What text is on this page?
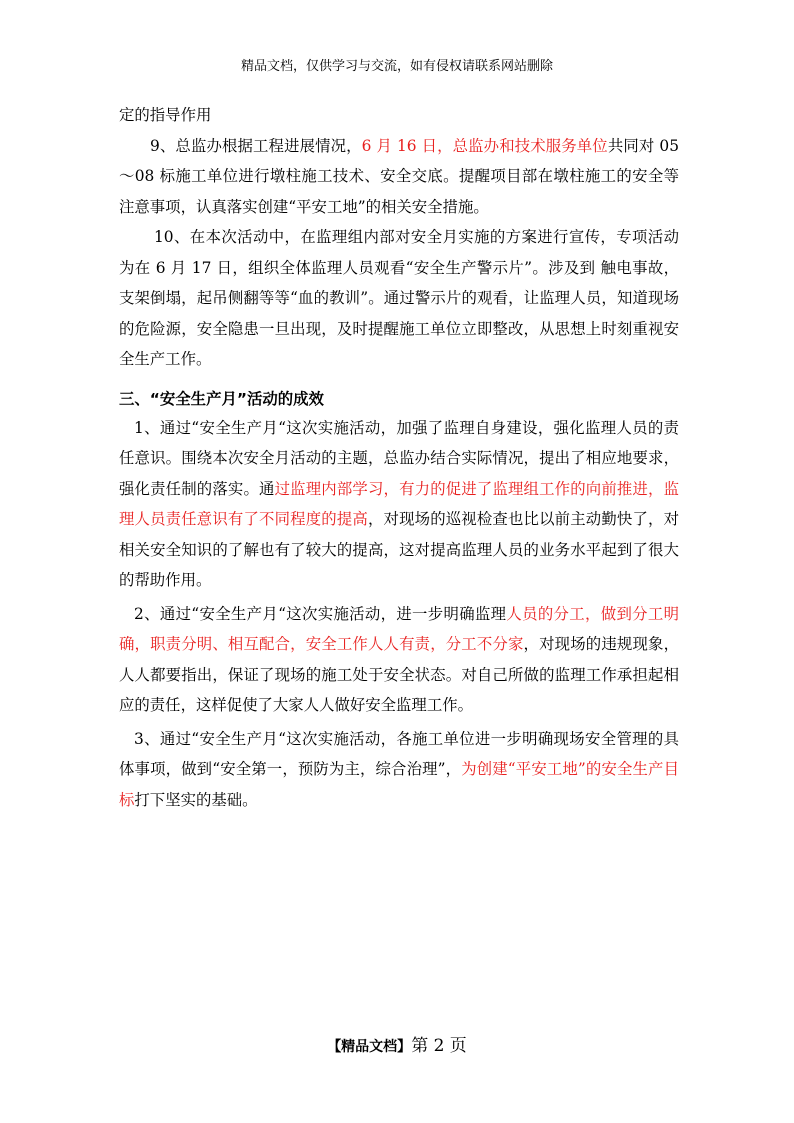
精品文档，仅供学习与交流，如有侵权请联系网站删除

定的指导作用

9、总监办根据工程进展情况，6 月 16 日，总监办和技术服务单位共同对 05～08 标施工单位进行墩柱施工技术、安全交底。提醒项目部在墩柱施工的安全等注意事项，认真落实创建“平安工地”的相关安全措施。

10、在本次活动中，在监理组内部对安全月实施的方案进行宣传，专项活动为在 6 月 17 日，组织全体监理人员观看“安全生产警示片”。涉及到 触电事故，支架倒塌，起吊侧翻等等“血的教训”。通过警示片的观看，让监理人员，知道现场的危险源，安全隐患一旦出现，及时提醒施工单位立即整改，从思想上时刻重视安全生产工作。

三、“安全生产月”活动的成效

1、通过“安全生产月“这次实施活动，加强了监理自身建设，强化监理人员的责任意识。围绕本次安全月活动的主题，总监办结合实际情况，提出了相应地要求，强化责任制的落实。通过监理内部学习，有力的促进了监理组工作的向前推进，监理人员责任意识有了不同程度的提高，对现场的巡视检查也比以前主动勤快了，对相关安全知识的了解也有了较大的提高，这对提高监理人员的业务水平起到了很大的帮助作用。

2、通过“安全生产月“这次实施活动，进一步明确监理人员的分工，做到分工明确，职责分明、相互配合，安全工作人人有责，分工不分家，对现场的违规现象，人人都要指出，保证了现场的施工处于安全状态。对自己所做的监理工作承担起相应的责任，这样促使了大家人人做好安全监理工作。

3、通过“安全生产月“这次实施活动，各施工单位进一步明确现场安全管理的具体事项，做到“安全第一，预防为主，综合治理”，为创建“平安工地”的安全生产目标打下坚实的基础。

【精品文档】第 2 页
